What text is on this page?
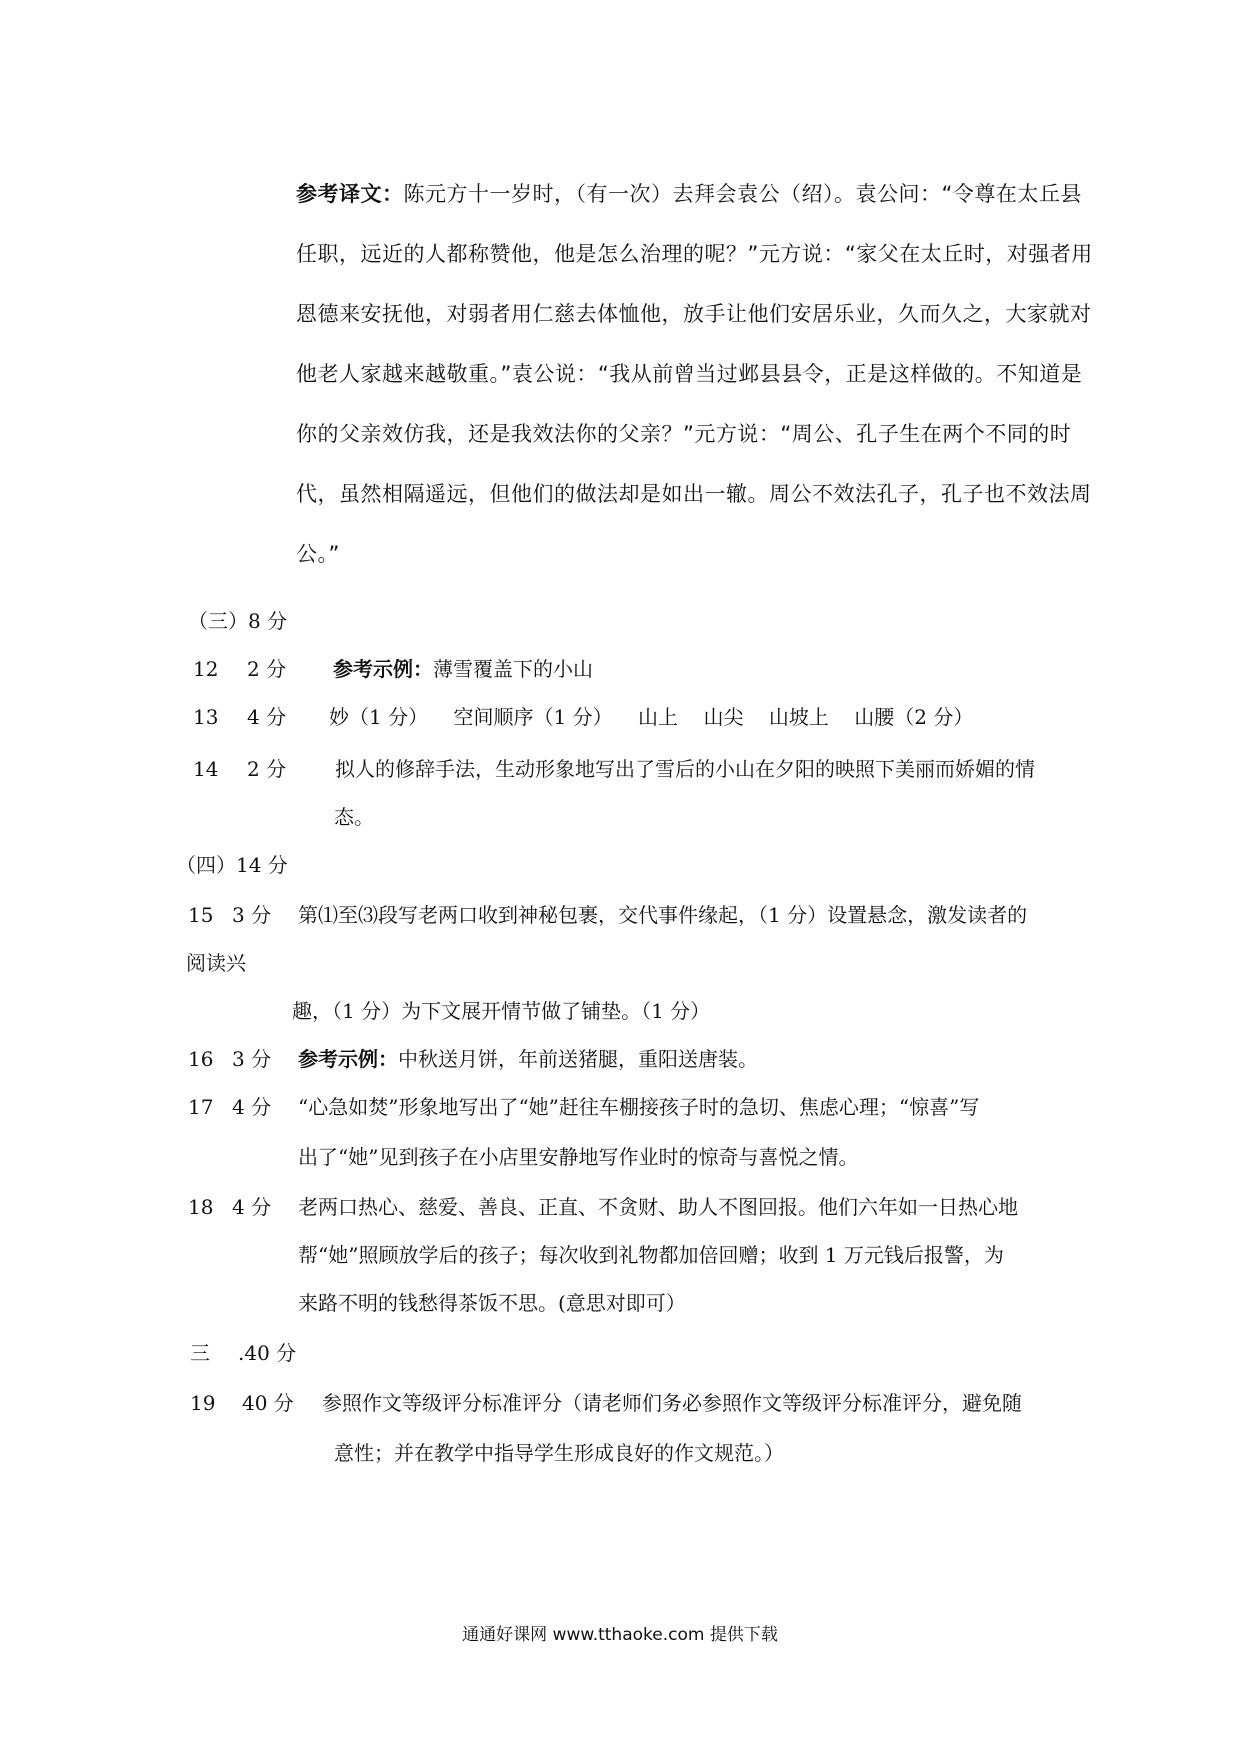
参考译文：陈元方十一岁时，（有一次）去拜会袁公（绍）。袁公问：“令尊在太丘县任职，远近的人都称赞他，他是怎么治理的呢？”元方说：“家父在太丘时，对强者用恩德来安抚他，对弱者用仁慈去体恤他，放手让他们安居乐业，久而久之，大家就对他老人家越来越敬重。”袁公说：“我从前曾当过邺县县令，正是这样做的。不知道是你的父亲效仿我，还是我效法你的父亲？”元方说：“周公、孔子生在两个不同的时代，虽然相隔遥远，但他们的做法却是如出一辙。周公不效法孔子，孔子也不效法周公。”
（三）8 分
12 2 分 参考示例：薄雪覆盖下的小山
13 4 分 妙（1 分）    空间顺序（1 分）    山上    山尖    山坡上    山腰（2 分）
14 2 分 拟人的修辞手法，生动形象地写出了雪后的小山在夕阳的映照下美丽而娇媚的情
态。
（四）14 分
15 3 分 第⑴至⑶段写老两口收到神秘包裹，交代事件缘起，（1 分）设置悬念，激发读者的
阅读兴
趣，（1 分）为下文展开情节做了铺垫。（1 分）
16 3 分 参考示例：中秋送月饼，年前送猪腿，重阳送唐装。
17 4 分 “心急如焚”形象地写出了“她”赶往车棚接孩子时的急切、焦虑心理；“惊喜”写
出了“她”见到孩子在小店里安静地写作业时的惊奇与喜悦之情。
18 4 分 老两口热心、慈爱、善良、正直、不贪财、助人不图回报。他们六年如一日热心地
帮“她”照顾放学后的孩子；每次收到礼物都加倍回赠；收到 1 万元钱后报警，为
来路不明的钱愁得茶饭不思。(意思对即可）
三 .40 分
19 40 分 参照作文等级评分标准评分（请老师们务必参照作文等级评分标准评分，避免随
意性；并在教学中指导学生形成良好的作文规范。）
通通好课网 www.tthaoke.com 提供下载
